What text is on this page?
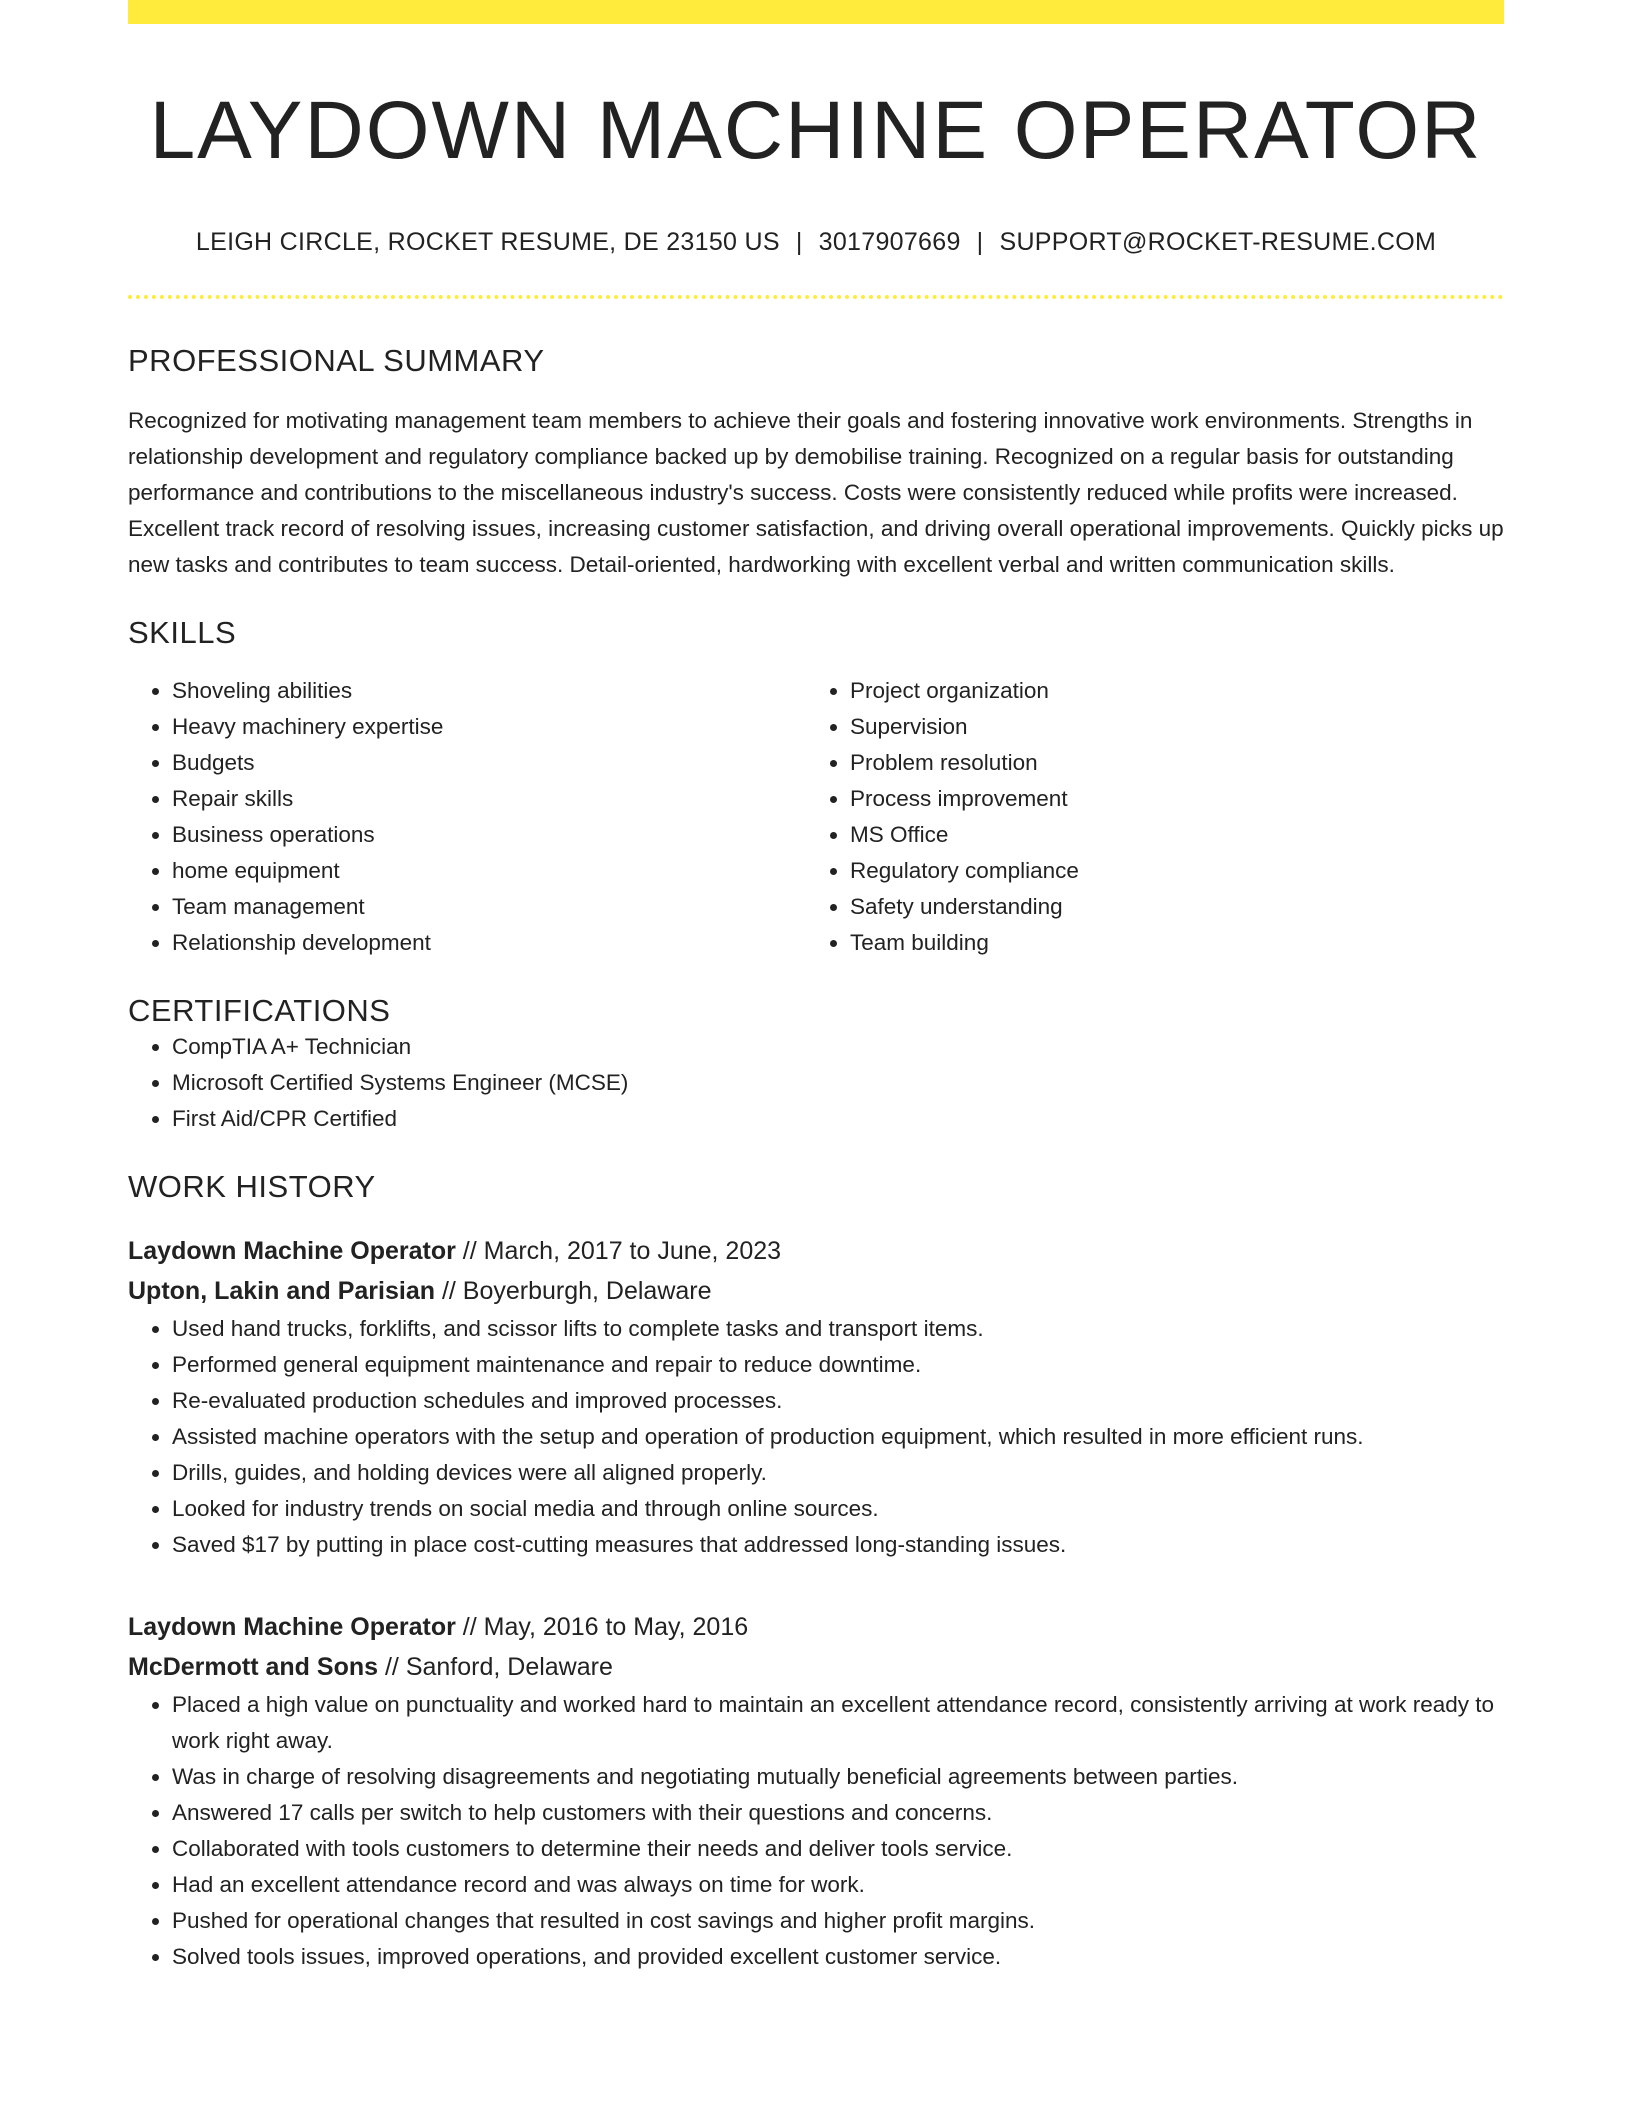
LAYDOWN MACHINE OPERATOR
LEIGH CIRCLE, ROCKET RESUME, DE 23150 US | 3017907669 | SUPPORT@ROCKET-RESUME.COM
PROFESSIONAL SUMMARY

Recognized for motivating management team members to achieve their goals and fostering innovative work environments. Strengths in relationship development and regulatory compliance backed up by demobilise training. Recognized on a regular basis for outstanding performance and contributions to the miscellaneous industry's success. Costs were consistently reduced while profits were increased. Excellent track record of resolving issues, increasing customer satisfaction, and driving overall operational improvements. Quickly picks up new tasks and contributes to team success. Detail-oriented, hardworking with excellent verbal and written communication skills.

SKILLS
• Shoveling abilities
• Heavy machinery expertise
• Budgets
• Repair skills
• Business operations
• home equipment
• Team management
• Relationship development
• Project organization
• Supervision
• Problem resolution
• Process improvement
• MS Office
• Regulatory compliance
• Safety understanding
• Team building
CERTIFICATIONS
• CompTIA A+ Technician
• Microsoft Certified Systems Engineer (MCSE)
• First Aid/CPR Certified
WORK HISTORY
Laydown Machine Operator // March, 2017 to June, 2023
Upton, Lakin and Parisian // Boyerburgh, Delaware
• Used hand trucks, forklifts, and scissor lifts to complete tasks and transport items.
• Performed general equipment maintenance and repair to reduce downtime.
• Re-evaluated production schedules and improved processes.
• Assisted machine operators with the setup and operation of production equipment, which resulted in more efficient runs.
• Drills, guides, and holding devices were all aligned properly.
• Looked for industry trends on social media and through online sources.
• Saved $17 by putting in place cost-cutting measures that addressed long-standing issues.
Laydown Machine Operator // May, 2016 to May, 2016
McDermott and Sons // Sanford, Delaware
• Placed a high value on punctuality and worked hard to maintain an excellent attendance record, consistently arriving at work ready to work right away.
• Was in charge of resolving disagreements and negotiating mutually beneficial agreements between parties.
• Answered 17 calls per switch to help customers with their questions and concerns.
• Collaborated with tools customers to determine their needs and deliver tools service.
• Had an excellent attendance record and was always on time for work.
• Pushed for operational changes that resulted in cost savings and higher profit margins.
• Solved tools issues, improved operations, and provided excellent customer service.
